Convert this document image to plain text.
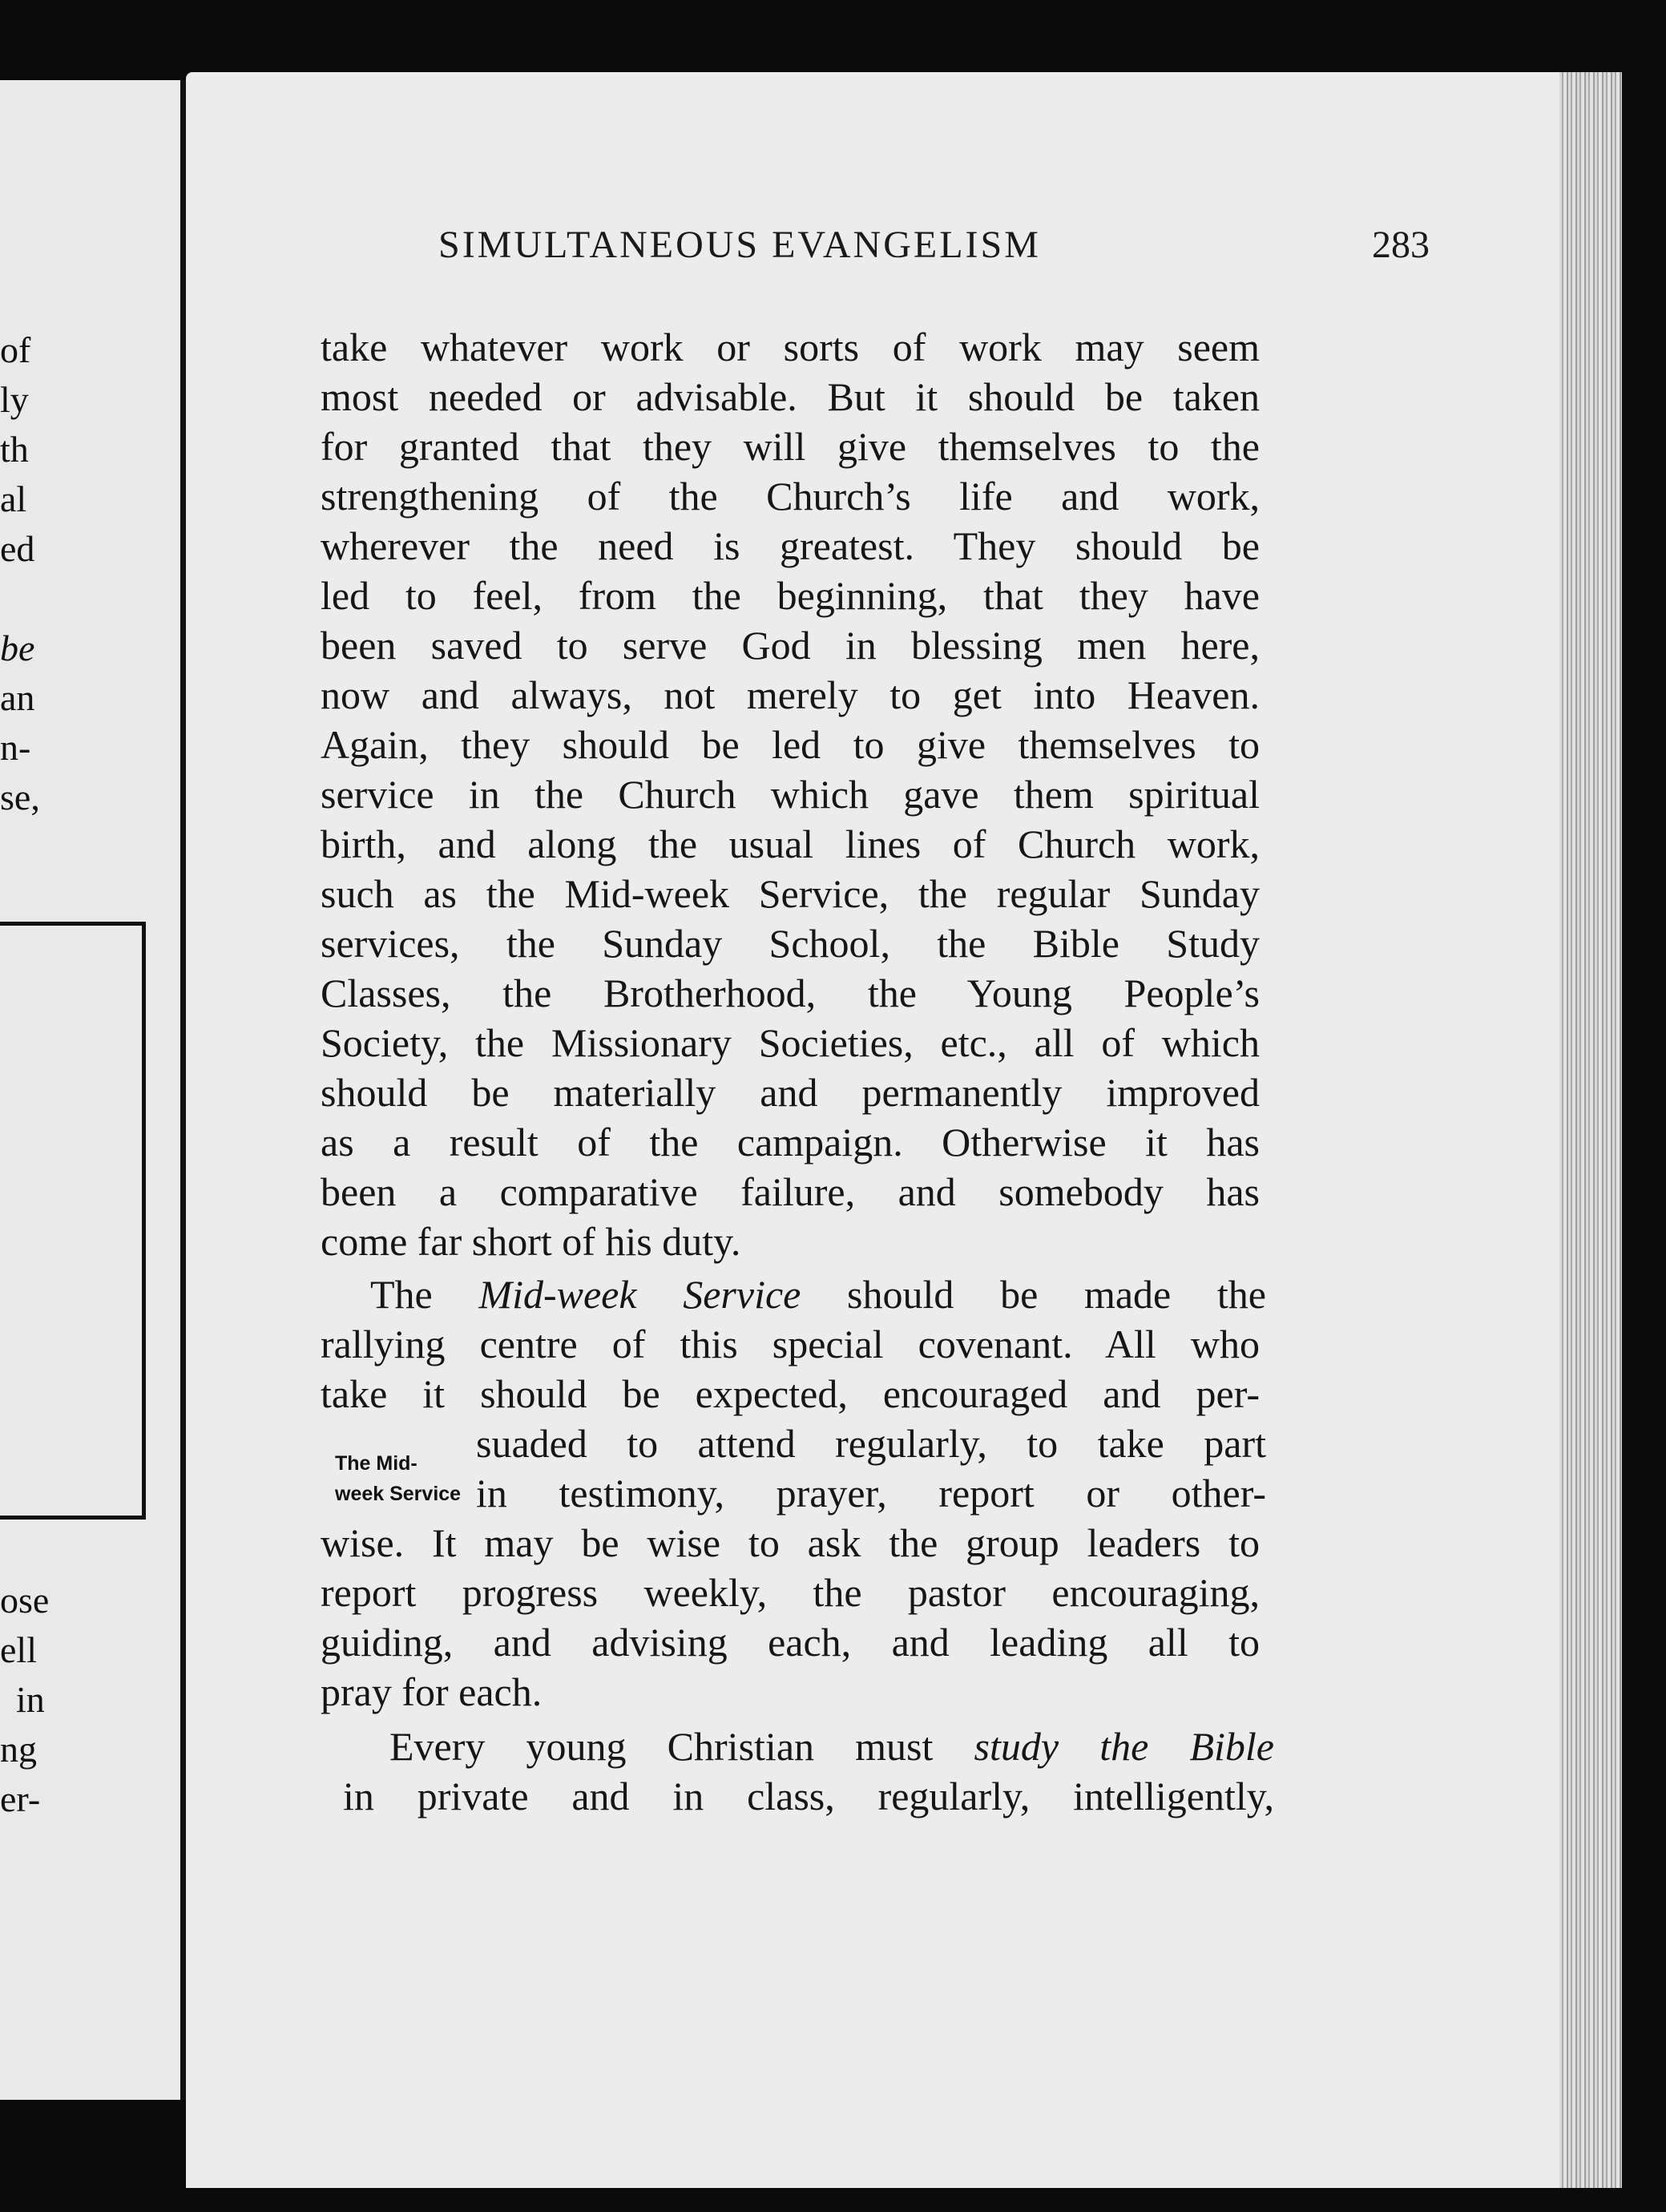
of
ly
th
al
ed
be
an
n-
se,
ose
ell
in
ng
er-
SIMULTANEOUS EVANGELISM	283
take whatever work or sorts of work may seem
most needed or advisable. But it should be taken
for granted that they will give themselves to the
strengthening of the Church’s life and work,
wherever the need is greatest. They should be
led to feel, from the beginning, that they have
been saved to serve God in blessing men here,
now and always, not merely to get into Heaven.
Again, they should be led to give themselves to
service in the Church which gave them spiritual
birth, and along the usual lines of Church work,
such as the Mid-week Service, the regular Sunday
services, the Sunday School, the Bible Study
Classes, the Brotherhood, the Young People’s
Society, the Missionary Societies, etc., all of which
should be materially and permanently improved
as a result of the campaign. Otherwise it has
been a comparative failure, and somebody has
come far short of his duty.
The Mid-week Service should be made the
rallying centre of this special covenant. All who
take it should be expected, encouraged and per-
suaded to attend regularly, to take part
in testimony, prayer, report or other-
wise. It may be wise to ask the group leaders to
report progress weekly, the pastor encouraging,
guiding, and advising each, and leading all to
pray for each.
The Mid-
week Service
Every young Christian must study the Bible
in private and in class, regularly, intelligently,
